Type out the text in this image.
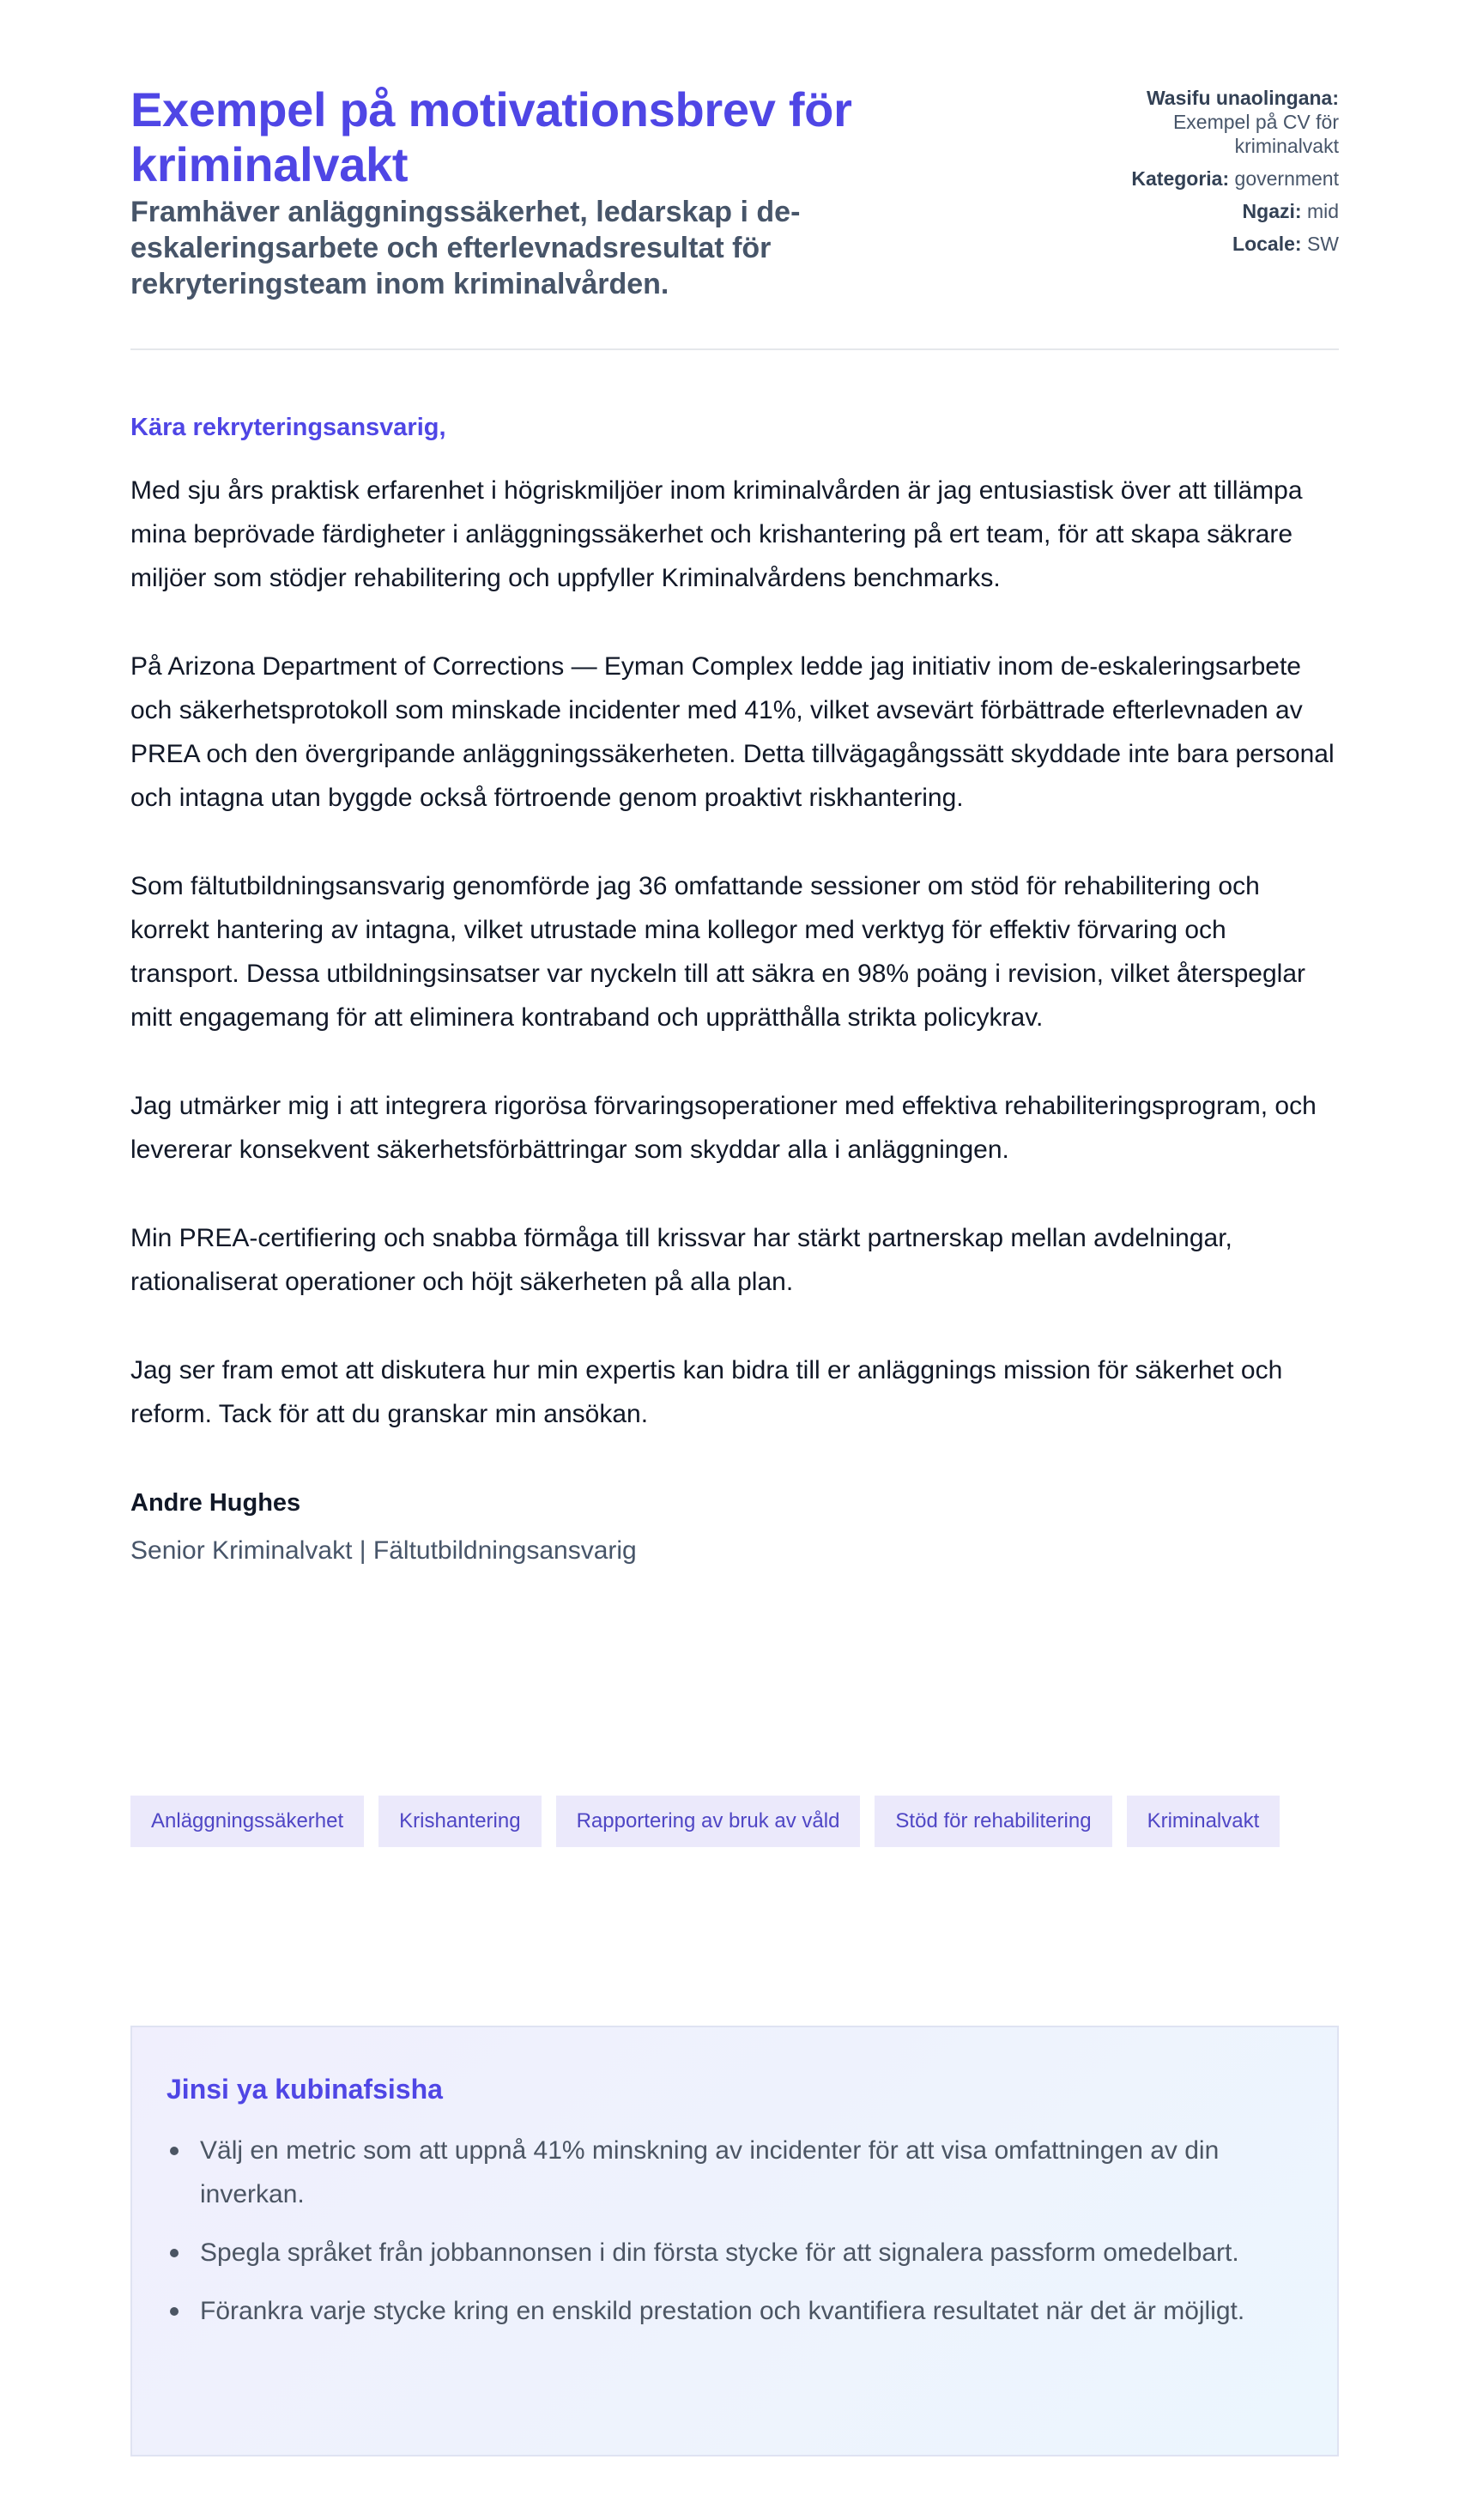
Exempel på motivationsbrev för kriminalvakt
Framhäver anläggningssäkerhet, ledarskap i de-eskaleringsarbete och efterlevnadsresultat för rekryteringsteam inom kriminalvården.
Wasifu unaolingana:
Exempel på CV för kriminalvakt
Kategoria: government
Ngazi: mid
Locale: SW

Kära rekryteringsansvarig,

Med sju års praktisk erfarenhet i högriskmiljöer inom kriminalvården är jag entusiastisk över att tillämpa mina beprövade färdigheter i anläggningssäkerhet och krishantering på ert team, för att skapa säkrare miljöer som stödjer rehabilitering och uppfyller Kriminalvårdens benchmarks.

På Arizona Department of Corrections — Eyman Complex ledde jag initiativ inom de-eskaleringsarbete och säkerhetsprotokoll som minskade incidenter med 41%, vilket avsevärt förbättrade efterlevnaden av PREA och den övergripande anläggningssäkerheten. Detta tillvägagångssätt skyddade inte bara personal och intagna utan byggde också förtroende genom proaktivt riskhantering.

Som fältutbildningsansvarig genomförde jag 36 omfattande sessioner om stöd för rehabilitering och korrekt hantering av intagna, vilket utrustade mina kollegor med verktyg för effektiv förvaring och transport. Dessa utbildningsinsatser var nyckeln till att säkra en 98% poäng i revision, vilket återspeglar mitt engagemang för att eliminera kontraband och upprätthålla strikta policykrav.

Jag utmärker mig i att integrera rigorösa förvaringsoperationer med effektiva rehabiliteringsprogram, och levererar konsekvent säkerhetsförbättringar som skyddar alla i anläggningen.

Min PREA-certifiering och snabba förmåga till krissvar har stärkt partnerskap mellan avdelningar, rationaliserat operationer och höjt säkerheten på alla plan.

Jag ser fram emot att diskutera hur min expertis kan bidra till er anläggnings mission för säkerhet och reform. Tack för att du granskar min ansökan.

Andre Hughes
Senior Kriminalvakt | Fältutbildningsansvarig
Anläggningssäkerhet	Krishantering	Rapportering av bruk av våld	Stöd för rehabilitering	Kriminalvakt
Jinsi ya kubinafsisha
Välj en metric som att uppnå 41% minskning av incidenter för att visa omfattningen av din inverkan.
Spegla språket från jobbannonsen i din första stycke för att signalera passform omedelbart.
Förankra varje stycke kring en enskild prestation och kvantifiera resultatet när det är möjligt.
